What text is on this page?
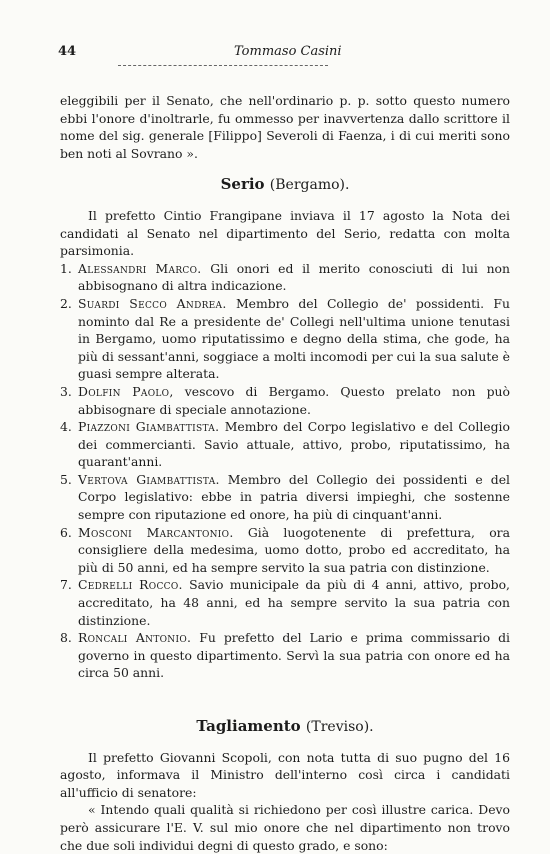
44	Tommaso Casini

eleggibili per il Senato, che nell'ordinario p. p. sotto questo numero ebbi l'onore d'inoltrarle, fu ommesso per inavvertenza dallo scrittore il nome del sig. generale [Filippo] Severoli di Faenza, i di cui meriti sono ben noti al Sovrano ».

Serio (Bergamo).

Il prefetto Cintio Frangipane inviava il 17 agosto la Nota dei candidati al Senato nel dipartimento del Serio, redatta con molta parsimonia.

1. Alessandri Marco. Gli onori ed il merito conosciuti di lui non abbisognano di altra indicazione.
2. Suardi Secco Andrea. Membro del Collegio de' possidenti. Fu nominto dal Re a presidente de' Collegi nell'ultima unione tenutasi in Bergamo, uomo riputatissimo e degno della stima, che gode, ha più di sessant'anni, soggiace a molti incomodi per cui la sua salute è guasi sempre alterata.
3. Dolfin Paolo, vescovo di Bergamo. Questo prelato non può abbisognare di speciale annotazione.
4. Piazzoni Giambattista. Membro del Corpo legislativo e del Collegio dei commercianti. Savio attuale, attivo, probo, riputatissimo, ha quarant'anni.
5. Vertova Giambattista. Membro del Collegio dei possidenti e del Corpo legislativo: ebbe in patria diversi impieghi, che sostenne sempre con riputazione ed onore, ha più di cinquant'anni.
6. Mosconi Marcantonio. Già luogotenente di prefettura, ora consigliere della medesima, uomo dotto, probo ed accreditato, ha più di 50 anni, ed ha sempre servito la sua patria con distinzione.
7. Cedrelli Rocco. Savio municipale da più di 4 anni, attivo, probo, accreditato, ha 48 anni, ed ha sempre servito la sua patria con distinzione.
8. Roncali Antonio. Fu prefetto del Lario e prima commissario di governo in questo dipartimento. Servì la sua patria con onore ed ha circa 50 anni.
Tagliamento (Treviso).

Il prefetto Giovanni Scopoli, con nota tutta di suo pugno del 16 agosto, informava il Ministro dell'interno così circa i candidati all'ufficio di senatore:

« Intendo quali qualità si richiedono per così illustre carica. Devo però assicurare l'E. V. sul mio onore che nel dipartimento non trovo che due soli individui degni di questo grado, e sono:
